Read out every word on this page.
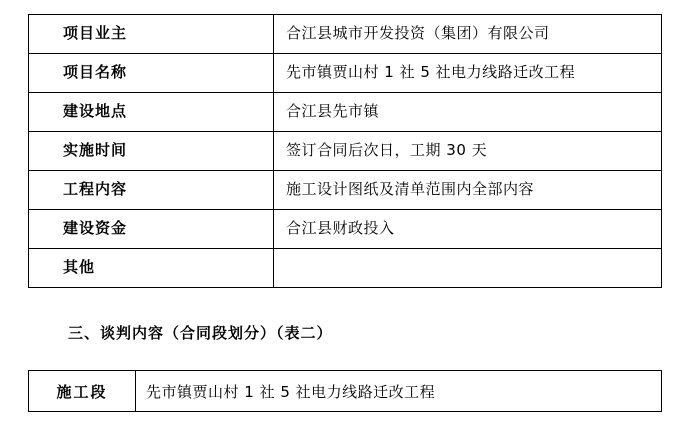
项目业主	合江县城市开发投资（集团）有限公司
项目名称	先市镇贾山村 1 社 5 社电力线路迁改工程
建设地点	合江县先市镇
实施时间	签订合同后次日，工期 30 天
工程内容	施工设计图纸及清单范围内全部内容
建设资金	合江县财政投入
其他	
三、谈判内容（合同段划分）（表二）
施工段	先市镇贾山村 1 社 5 社电力线路迁改工程
